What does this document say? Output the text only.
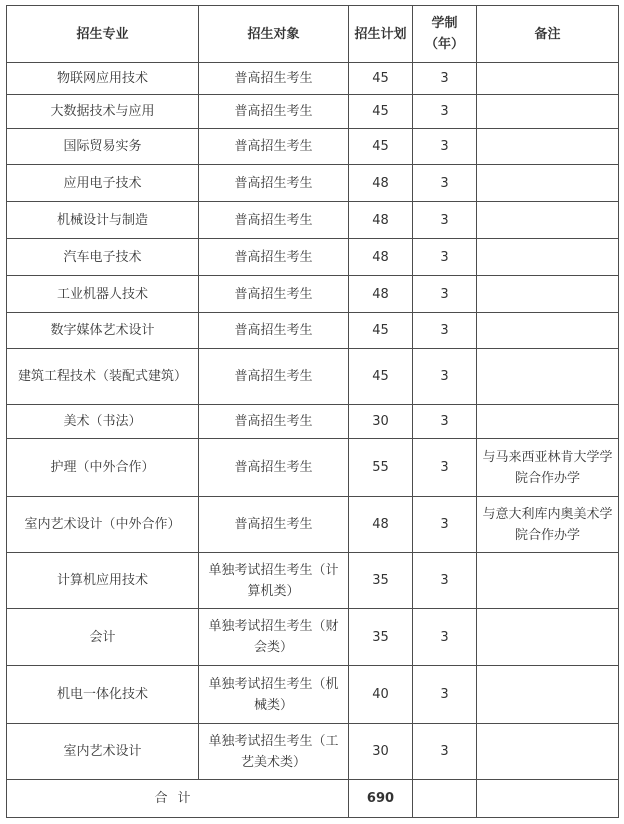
招生专业	招生对象	招生计划	学制（年）	备注
物联网应用技术	普高招生考生	45	3	
大数据技术与应用	普高招生考生	45	3	
国际贸易实务	普高招生考生	45	3	
应用电子技术	普高招生考生	48	3	
机械设计与制造	普高招生考生	48	3	
汽车电子技术	普高招生考生	48	3	
工业机器人技术	普高招生考生	48	3	
数字媒体艺术设计	普高招生考生	45	3	
建筑工程技术（装配式建筑）	普高招生考生	45	3	
美术（书法）	普高招生考生	30	3	
护理（中外合作）	普高招生考生	55	3	与马来西亚林肯大学学院合作办学
室内艺术设计（中外合作）	普高招生考生	48	3	与意大利库内奥美术学院合作办学
计算机应用技术	单独考试招生考生（计算机类）	35	3	
会计	单独考试招生考生（财会类）	35	3	
机电一体化技术	单独考试招生考生（机械类）	40	3	
室内艺术设计	单独考试招生考生（工艺美术类）	30	3	
合计		690		
